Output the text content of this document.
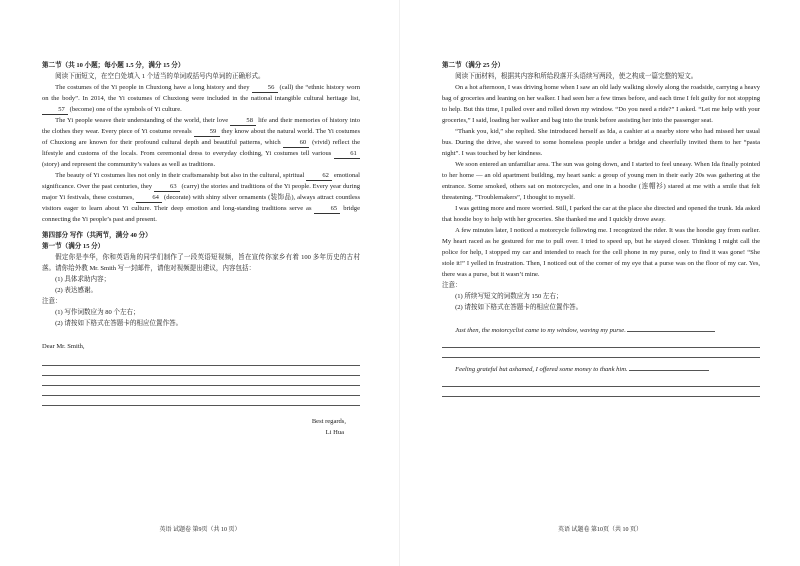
第二节（共 10 小题；每小题 1.5 分，满分 15 分）

阅读下面短文，在空白处填入 1 个适当的单词或括号内单词的正确形式。

The costumes of the Yi people in Chuxiong have a long history and they 56 (call) the “ethnic history worn on the body”. In 2014, the Yi costumes of Chuxiong were included in the national intangible cultural heritage list, 57 (become) one of the symbols of Yi culture.

The Yi people weave their understanding of the world, their love 58 life and their memories of history into the clothes they wear. Every piece of Yi costume reveals 59 they know about the natural world. The Yi costumes of Chuxiong are known for their profound cultural depth and beautiful patterns, which 60 (vivid) reflect the lifestyle and customs of the locals. From ceremonial dress to everyday clothing, Yi costumes tell various 61 (story) and represent the community’s values as well as traditions.

The beauty of Yi costumes lies not only in their craftsmanship but also in the cultural, spiritual 62 emotional significance. Over the past centuries, they 63 (carry) the stories and traditions of the Yi people. Every year during major Yi festivals, these costumes, 64 (decorate) with shiny silver ornaments (装饰品), always attract countless visitors eager to learn about Yi culture. Their deep emotion and long-standing traditions serve as 65 bridge connecting the Yi people’s past and present.

第四部分 写作（共两节，满分 40 分）

第一节（满分 15 分）

假定你是李华，你和英语角的同学们制作了一段英语短视频，旨在宣传你家乡有着 100 多年历史的古村落。请你给外教 Mr. Smith 写一封邮件，请他对视频提出建议，内容包括：

(1) 具体求助内容；

(2) 表达感谢。

注意：

(1) 写作词数应为 80 个左右；

(2) 请按如下格式在答题卡的相应位置作答。

Dear Mr. Smith,

Best regards,

Li Hua

英语 试题卷 第9页（共 10 页）

第二节（满分 25 分）

阅读下面材料，根据其内容和所给段落开头语续写两段，使之构成一篇完整的短文。

On a hot afternoon, I was driving home when I saw an old lady walking slowly along the roadside, carrying a heavy bag of groceries and leaning on her walker. I had seen her a few times before, and each time I felt guilty for not stopping to help. But this time, I pulled over and rolled down my window. “Do you need a ride?” I asked. “Let me help with your groceries,” I said, loading her walker and bag into the trunk before assisting her into the passenger seat.

“Thank you, kid,” she replied. She introduced herself as Ida, a cashier at a nearby store who had missed her usual bus. During the drive, she waved to some homeless people under a bridge and cheerfully invited them to her “pasta night”. I was touched by her kindness.

We soon entered an unfamiliar area. The sun was going down, and I started to feel uneasy. When Ida finally pointed to her home — an old apartment building, my heart sank: a group of young men in their early 20s was gathering at the entrance. Some smoked, others sat on motorcycles, and one in a hoodie (连帽衫) stared at me with a smile that felt threatening. “Troublemakers”, I thought to myself.

I was getting more and more worried. Still, I parked the car at the place she directed and opened the trunk. Ida asked that hoodie boy to help with her groceries. She thanked me and I quickly drove away.

A few minutes later, I noticed a motorcycle following me. I recognized the rider. It was the hoodie guy from earlier. My heart raced as he gestured for me to pull over. I tried to speed up, but he stayed closer. Thinking I might call the police for help, I stopped my car and intended to reach for the cell phone in my purse, only to find it was gone! “She stole it!” I yelled in frustration. Then, I noticed out of the corner of my eye that a purse was on the floor of my car. Yes, there was a purse, but it wasn’t mine.

注意：

(1) 所续写短文的词数应为 150 左右；

(2) 请按如下格式在答题卡的相应位置作答。

Just then, the motorcyclist came to my window, waving my purse.

Feeling grateful but ashamed, I offered some money to thank him.

英语 试题卷 第10页（共 10 页）
